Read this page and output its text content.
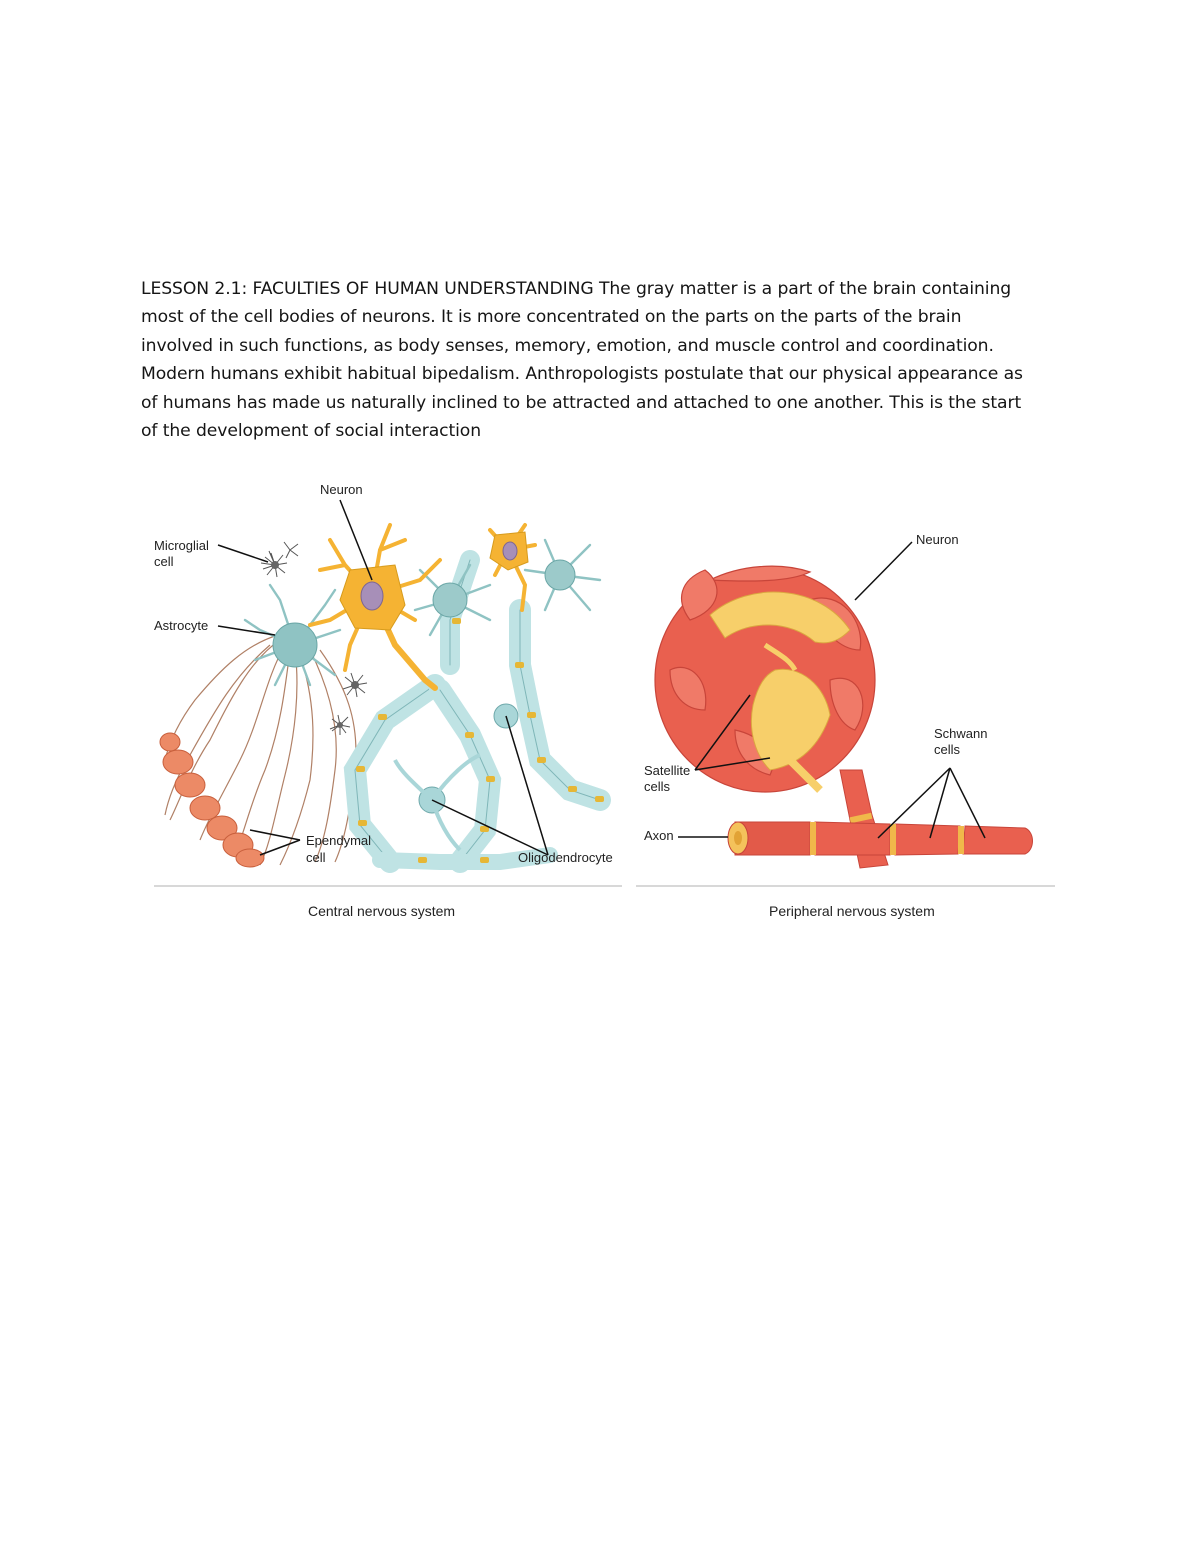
LESSON 2.1: FACULTIES OF HUMAN UNDERSTANDING The gray matter is a part of the brain containing
most of the cell bodies of neurons. It is more concentrated on the parts on the parts of the brain
involved in such functions, as body senses, memory, emotion, and muscle control and coordination.
Modern humans exhibit habitual bipedalism. Anthropologists postulate that our physical appearance as
of humans has made us naturally inclined to be attracted and attached to one another. This is the start
of the development of social interaction
Neuron
Microglial
cell
Astrocyte
Ependymal
cell	Oligodendrocyte
Central nervous system
Neuron
Schwann
cells
Satellite
cells
Axon
Peripheral nervous system
